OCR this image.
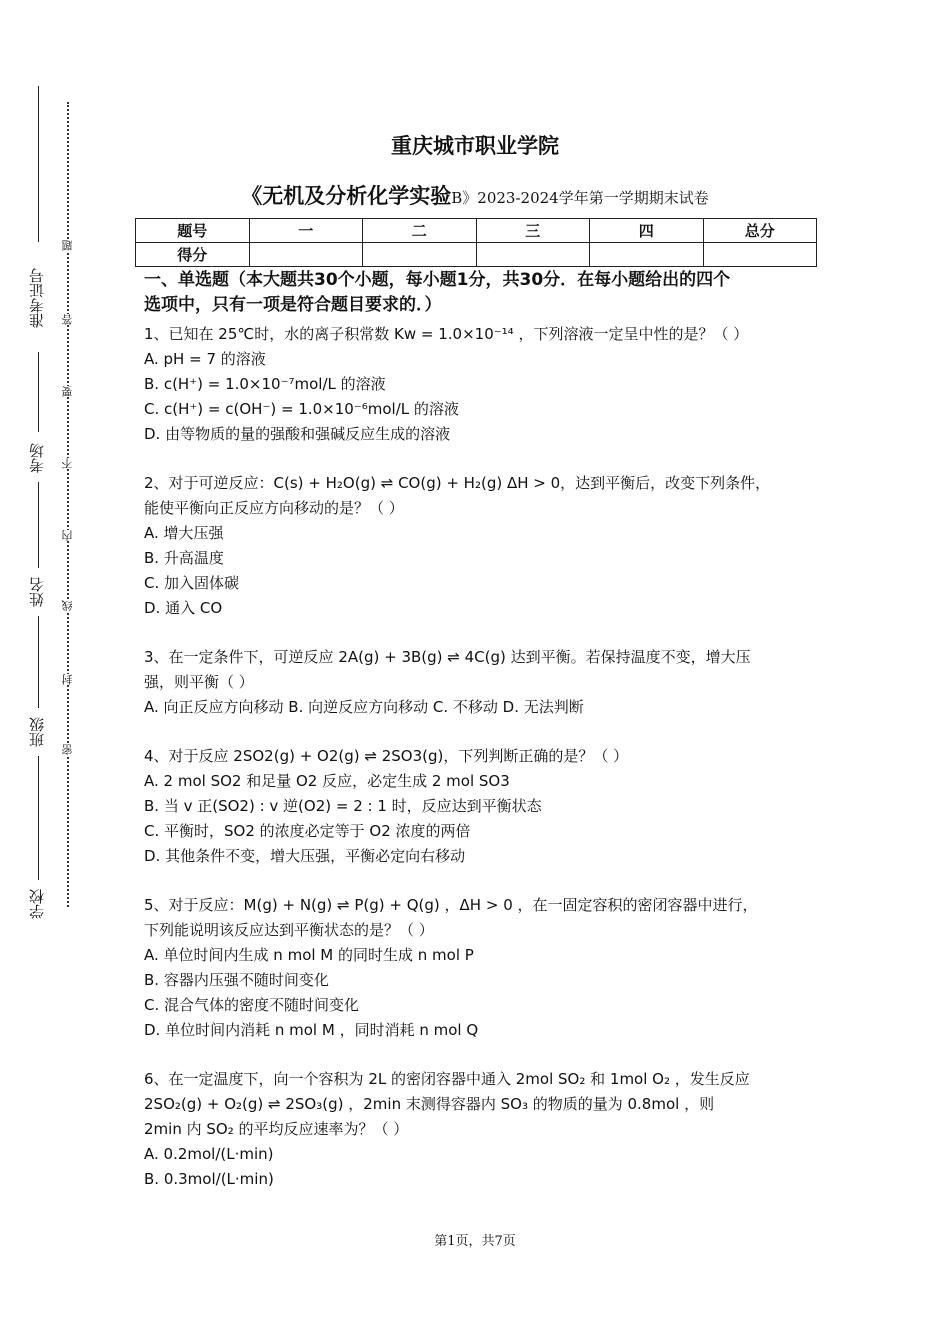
准考证号
考场
姓名
班级
学校
题
答
要
不
内
线
封
密
重庆城市职业学院
《无机及分析化学实验B》2023-2024学年第一学期期末试卷
题号	一	二	三	四	总分
得分					
一、单选题（本大题共30个小题，每小题1分，共30分．在每小题给出的四个
选项中，只有一项是符合题目要求的．）

1、已知在 25℃时，水的离子积常数 Kw = 1.0×10⁻¹⁴ ，下列溶液一定呈中性的是？（ ）

A. pH = 7 的溶液

B. c(H⁺) = 1.0×10⁻⁷mol/L 的溶液

C. c(H⁺) = c(OH⁻) = 1.0×10⁻⁶mol/L 的溶液

D. 由等物质的量的强酸和强碱反应生成的溶液

2、对于可逆反应：C(s) + H₂O(g) ⇌ CO(g) + H₂(g) ΔH > 0，达到平衡后，改变下列条件，

能使平衡向正反应方向移动的是？（ ）

A. 增大压强

B. 升高温度

C. 加入固体碳

D. 通入 CO

3、在一定条件下，可逆反应 2A(g) + 3B(g) ⇌ 4C(g) 达到平衡。若保持温度不变，增大压

强，则平衡（ ）

A. 向正反应方向移动 B. 向逆反应方向移动 C. 不移动 D. 无法判断

4、对于反应 2SO2(g) + O2(g) ⇌ 2SO3(g)，下列判断正确的是？（ ）

A. 2 mol SO2 和足量 O2 反应，必定生成 2 mol SO3

B. 当 v 正(SO2) : v 逆(O2) = 2 : 1 时，反应达到平衡状态

C. 平衡时，SO2 的浓度必定等于 O2 浓度的两倍

D. 其他条件不变，增大压强，平衡必定向右移动

5、对于反应：M(g) + N(g) ⇌ P(g) + Q(g) ，ΔH > 0 ，在一固定容积的密闭容器中进行，

下列能说明该反应达到平衡状态的是？（ ）

A. 单位时间内生成 n mol M 的同时生成 n mol P

B. 容器内压强不随时间变化

C. 混合气体的密度不随时间变化

D. 单位时间内消耗 n mol M ，同时消耗 n mol Q

6、在一定温度下，向一个容积为 2L 的密闭容器中通入 2mol SO₂ 和 1mol O₂ ，发生反应

2SO₂(g) + O₂(g) ⇌ 2SO₃(g) ，2min 末测得容器内 SO₃ 的物质的量为 0.8mol ，则

2min 内 SO₂ 的平均反应速率为？（ ）

A. 0.2mol/(L·min)

B. 0.3mol/(L·min)

第1页，共7页
